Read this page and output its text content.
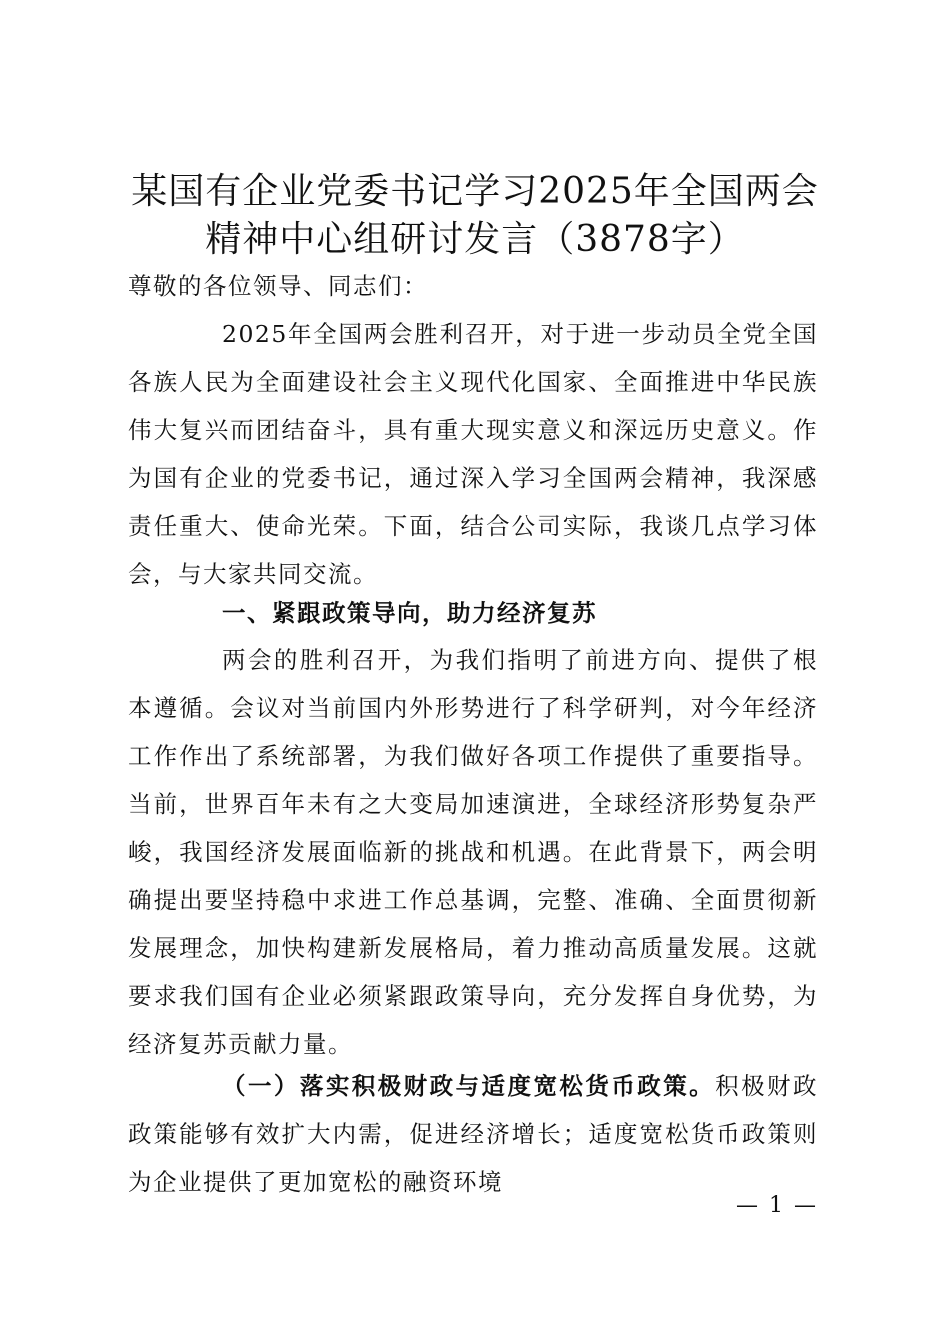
某国有企业党委书记学习2025年全国两会精神中心组研讨发言（3878字）

尊敬的各位领导、同志们：

2025年全国两会胜利召开，对于进一步动员全党全国各族人民为全面建设社会主义现代化国家、全面推进中华民族伟大复兴而团结奋斗，具有重大现实意义和深远历史意义。作为国有企业的党委书记，通过深入学习全国两会精神，我深感责任重大、使命光荣。下面，结合公司实际，我谈几点学习体会，与大家共同交流。

一、紧跟政策导向，助力经济复苏

两会的胜利召开，为我们指明了前进方向、提供了根本遵循。会议对当前国内外形势进行了科学研判，对今年经济工作作出了系统部署，为我们做好各项工作提供了重要指导。当前，世界百年未有之大变局加速演进，全球经济形势复杂严峻，我国经济发展面临新的挑战和机遇。在此背景下，两会明确提出要坚持稳中求进工作总基调，完整、准确、全面贯彻新发展理念，加快构建新发展格局，着力推动高质量发展。这就要求我们国有企业必须紧跟政策导向，充分发挥自身优势，为经济复苏贡献力量。

（一）落实积极财政与适度宽松货币政策。积极财政政策能够有效扩大内需，促进经济增长；适度宽松货币政策则为企业提供了更加宽松的融资环境

— 1 —
